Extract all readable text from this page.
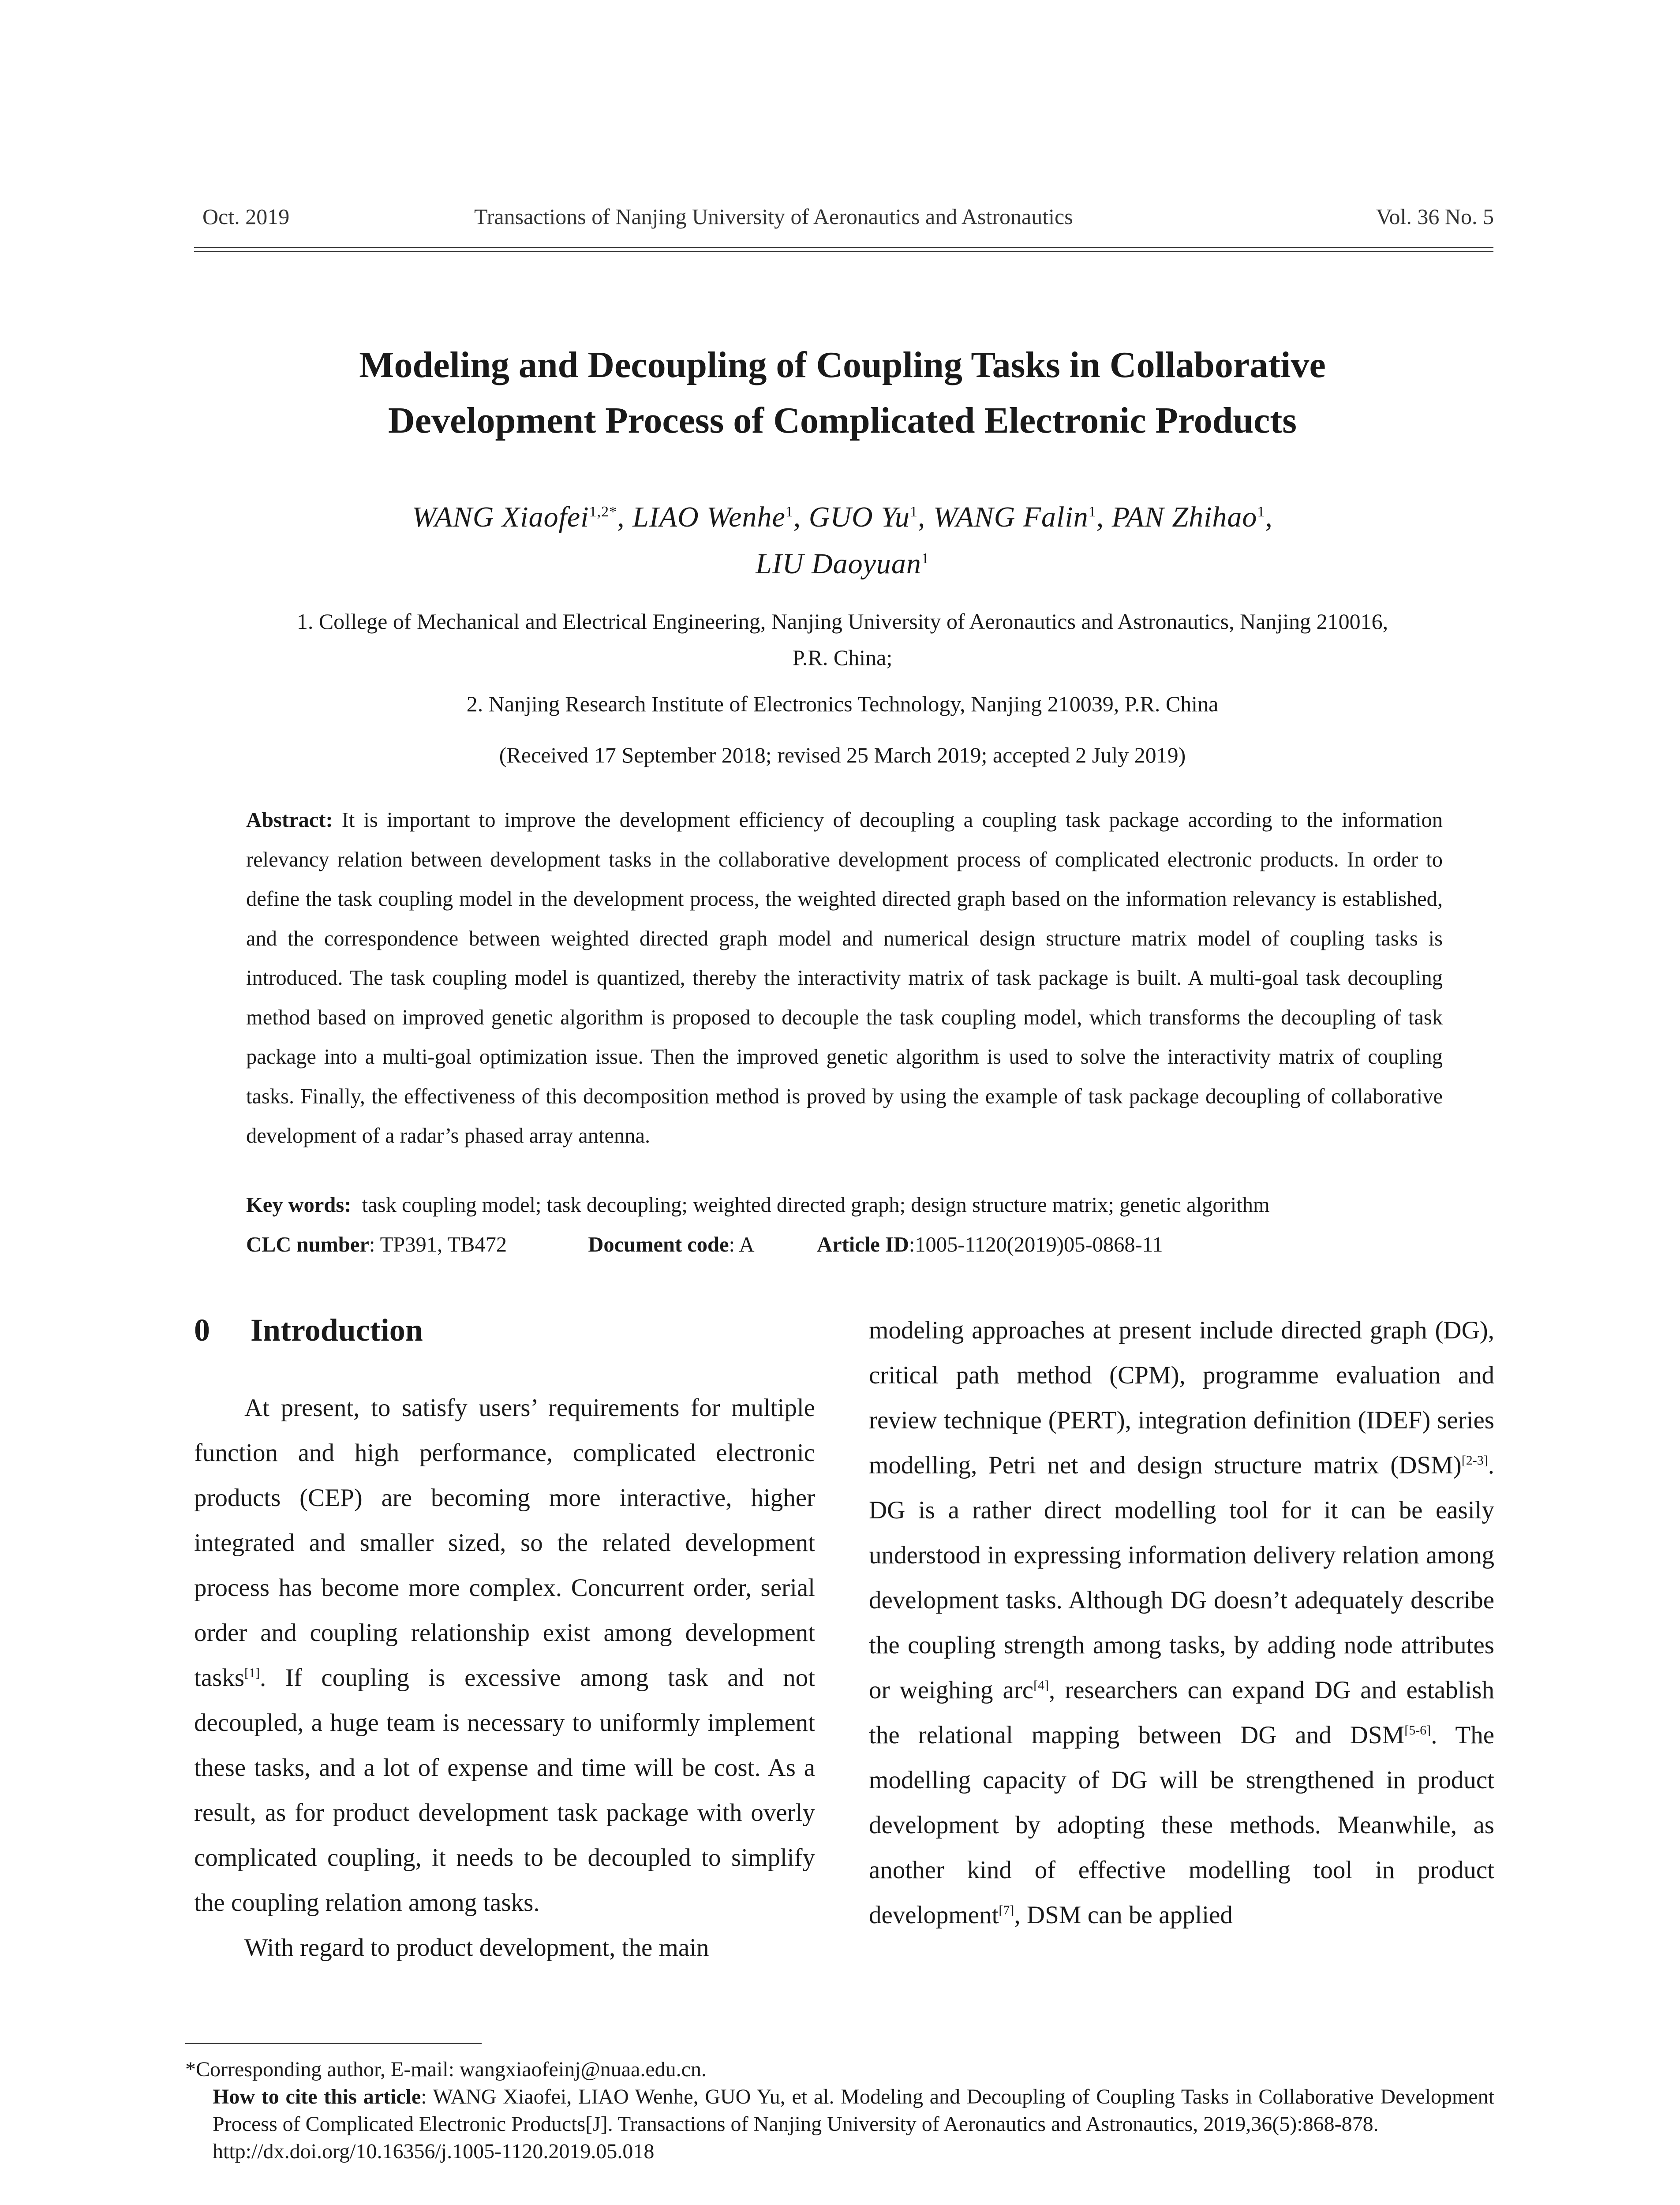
Oct. 2019	Transactions of Nanjing University of Aeronautics and Astronautics	Vol. 36 No. 5
Modeling and Decoupling of Coupling Tasks in Collaborative
Development Process of Complicated Electronic Products
WANG Xiaofei$^{1,2*}$, LIAO Wenhe$^1$, GUO Yu$^1$, WANG Falin$^1$, PAN Zhihao$^1$,
LIU Daoyuan$^1$
1. College of Mechanical and Electrical Engineering, Nanjing University of Aeronautics and Astronautics, Nanjing 210016,
P.R. China;
2. Nanjing Research Institute of Electronics Technology, Nanjing 210039, P.R. China
(Received 17 September 2018; revised 25 March 2019; accepted 2 July 2019)
Abstract: It is important to improve the development efficiency of decoupling a coupling task package according to the information relevancy relation between development tasks in the collaborative development process of complicated electronic products. In order to define the task coupling model in the development process, the weighted directed graph based on the information relevancy is established, and the correspondence between weighted directed graph model and numerical design structure matrix model of coupling tasks is introduced. The task coupling model is quantized, thereby the interactivity matrix of task package is built. A multi-goal task decoupling method based on improved genetic algorithm is proposed to decouple the task coupling model, which transforms the decoupling of task package into a multi-goal optimization issue. Then the improved genetic algorithm is used to solve the interactivity matrix of coupling tasks. Finally, the effectiveness of this decomposition method is proved by using the example of task package decoupling of collaborative development of a radar’s phased array antenna.
Key words: task coupling model; task decoupling; weighted directed graph; design structure matrix; genetic algorithm
CLC number: TP391, TB472	Document code: A	Article ID:1005-1120(2019)05-0868-11
0 Introduction

At present, to satisfy users’ requirements for multiple function and high performance, complicated electronic products (CEP) are becoming more interactive, higher integrated and smaller sized, so the related development process has become more complex. Concurrent order, serial order and coupling relationship exist among development tasks[1]. If coupling is excessive among task and not decoupled, a huge team is necessary to uniformly implement these tasks, and a lot of expense and time will be cost. As a result, as for product development task package with overly complicated coupling, it needs to be decoupled to simplify the coupling relation among tasks.

With regard to product development, the main

modeling approaches at present include directed graph (DG), critical path method (CPM), programme evaluation and review technique (PERT), integration definition (IDEF) series modelling, Petri net and design structure matrix (DSM)[2-3]. DG is a rather direct modelling tool for it can be easily understood in expressing information delivery relation among development tasks. Although DG doesn’t adequately describe the coupling strength among tasks, by adding node attributes or weighing arc[4], researchers can expand DG and establish the relational mapping between DG and DSM[5-6]. The modelling capacity of DG will be strengthened in product development by adopting these methods. Meanwhile, as another kind of effective modelling tool in product development[7], DSM can be applied

*Corresponding author, E-mail: wangxiaofeinj@nuaa.edu.cn.

How to cite this article: WANG Xiaofei, LIAO Wenhe, GUO Yu, et al. Modeling and Decoupling of Coupling Tasks in Collaborative Development Process of Complicated Electronic Products[J]. Transactions of Nanjing University of Aeronautics and Astronautics, 2019,36(5):868-878.

http://dx.doi.org/10.16356/j.1005-1120.2019.05.018
